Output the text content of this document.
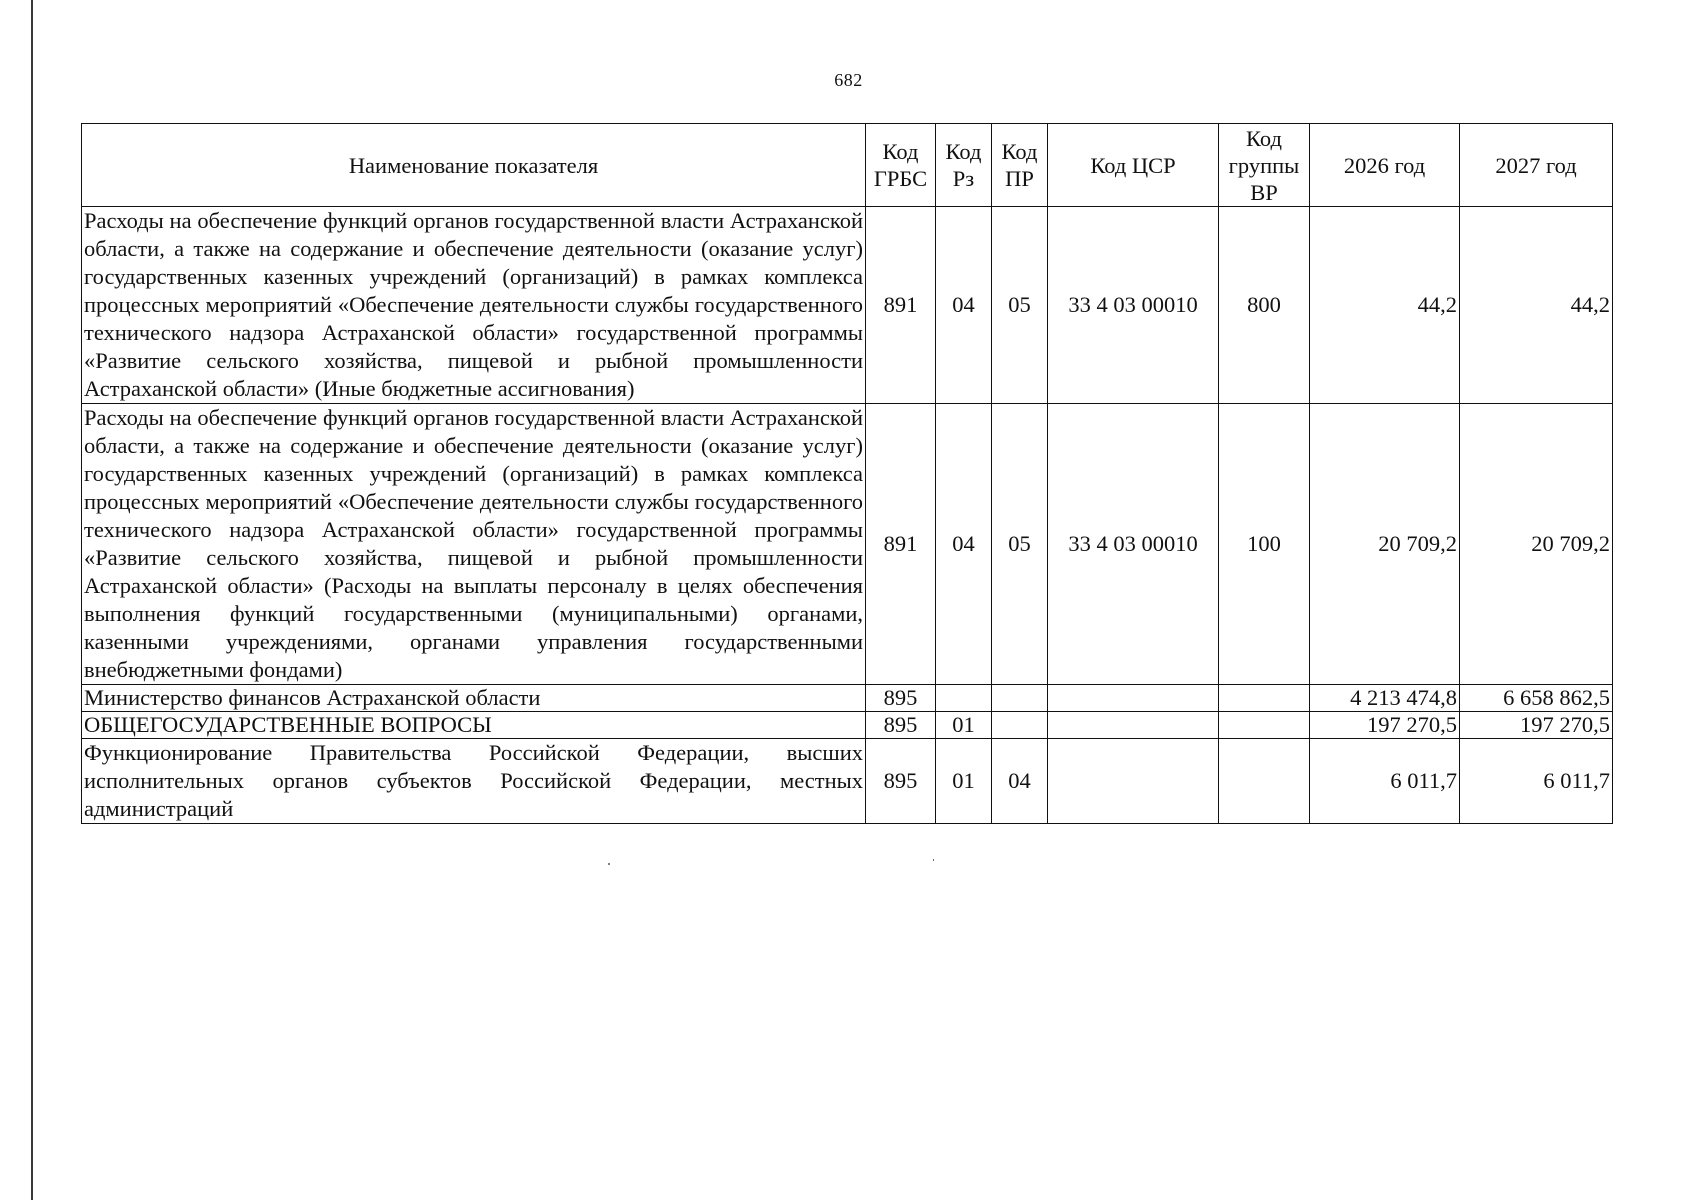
682
Наименование показателя	Код ГРБС	Код Рз	Код ПР	Код ЦСР	Код группы ВР	2026 год	2027 год
Расходы на обеспечение функций органов государственной власти Астраханской области, а также на содержание и обеспечение деятельности (оказание услуг) государственных казенных учреждений (организаций) в рамках комплекса процессных мероприятий «Обеспечение деятельности службы государственного технического надзора Астраханской области» государственной программы «Развитие сельского хозяйства, пищевой и рыбной промышленности Астраханской области» (Иные бюджетные ассигнования)	891	04	05	33 4 03 00010	800	44,2	44,2
Расходы на обеспечение функций органов государственной власти Астраханской области, а также на содержание и обеспечение деятельности (оказание услуг) государственных казенных учреждений (организаций) в рамках комплекса процессных мероприятий «Обеспечение деятельности службы государственного технического надзора Астраханской области» государственной программы «Развитие сельского хозяйства, пищевой и рыбной промышленности Астраханской области» (Расходы на выплаты персоналу в целях обеспечения выполнения функций государственными (муниципальными) органами, казенными учреждениями, органами управления государственными внебюджетными фондами)	891	04	05	33 4 03 00010	100	20 709,2	20 709,2
Министерство финансов Астраханской области	895					4 213 474,8	6 658 862,5
ОБЩЕГОСУДАРСТВЕННЫЕ ВОПРОСЫ	895	01				197 270,5	197 270,5
Функционирование Правительства Российской Федерации, высших исполнительных органов субъектов Российской Федерации, местных администраций	895	01	04			6 011,7	6 011,7
